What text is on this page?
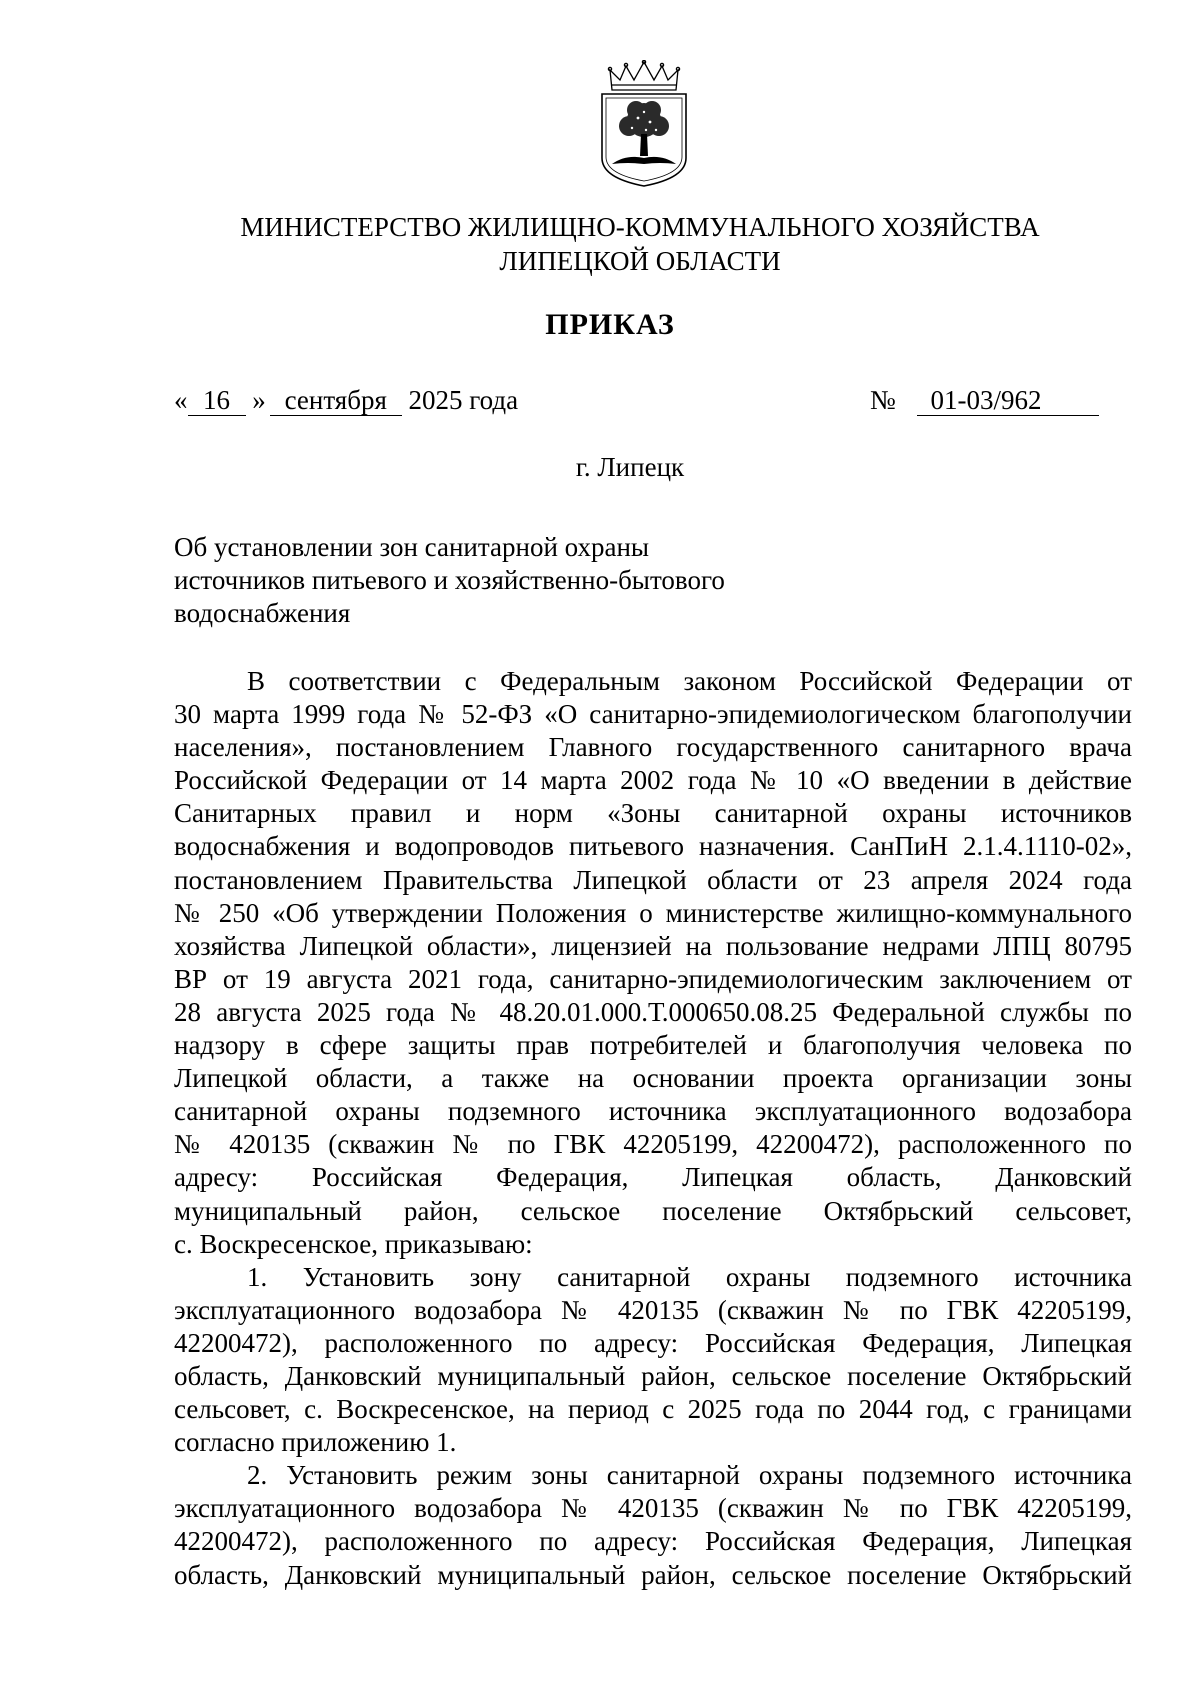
МИНИСТЕРСТВО ЖИЛИЩНО-КОММУНАЛЬНОГО ХОЗЯЙСТВА
ЛИПЕЦКОЙ ОБЛАСТИ
ПРИКАЗ
« 16 » сентября 2025 года	№ 01-03/962
г. Липецк
Об установлении зон санитарной охраны
источников питьевого и хозяйственно-бытового
водоснабжения

В соответствии с Федеральным законом Российской Федерации от
30 марта 1999 года № 52-ФЗ «О санитарно-эпидемиологическом благополучии
населения», постановлением Главного государственного санитарного врача
Российской Федерации от 14 марта 2002 года № 10 «О введении в действие
Санитарных правил и норм «Зоны санитарной охраны источников
водоснабжения и водопроводов питьевого назначения. СанПиН 2.1.4.1110-02»,
постановлением Правительства Липецкой области от 23 апреля 2024 года
№ 250 «Об утверждении Положения о министерстве жилищно-коммунального
хозяйства Липецкой области», лицензией на пользование недрами ЛПЦ 80795
ВР от 19 августа 2021 года, санитарно-эпидемиологическим заключением от
28 августа 2025 года № 48.20.01.000.Т.000650.08.25 Федеральной службы по
надзору в сфере защиты прав потребителей и благополучия человека по
Липецкой области, а также на основании проекта организации зоны
санитарной охраны подземного источника эксплуатационного водозабора
№ 420135 (скважин № по ГВК 42205199, 42200472), расположенного по
адресу: Российская Федерация, Липецкая область, Данковский
муниципальный район, сельское поселение Октябрьский сельсовет,
с. Воскресенское, приказываю:

1. Установить зону санитарной охраны подземного источника
эксплуатационного водозабора № 420135 (скважин № по ГВК 42205199,
42200472), расположенного по адресу: Российская Федерация, Липецкая
область, Данковский муниципальный район, сельское поселение Октябрьский
сельсовет, с. Воскресенское, на период с 2025 года по 2044 год, с границами
согласно приложению 1.

2. Установить режим зоны санитарной охраны подземного источника
эксплуатационного водозабора № 420135 (скважин № по ГВК 42205199,
42200472), расположенного по адресу: Российская Федерация, Липецкая
область, Данковский муниципальный район, сельское поселение Октябрьский
